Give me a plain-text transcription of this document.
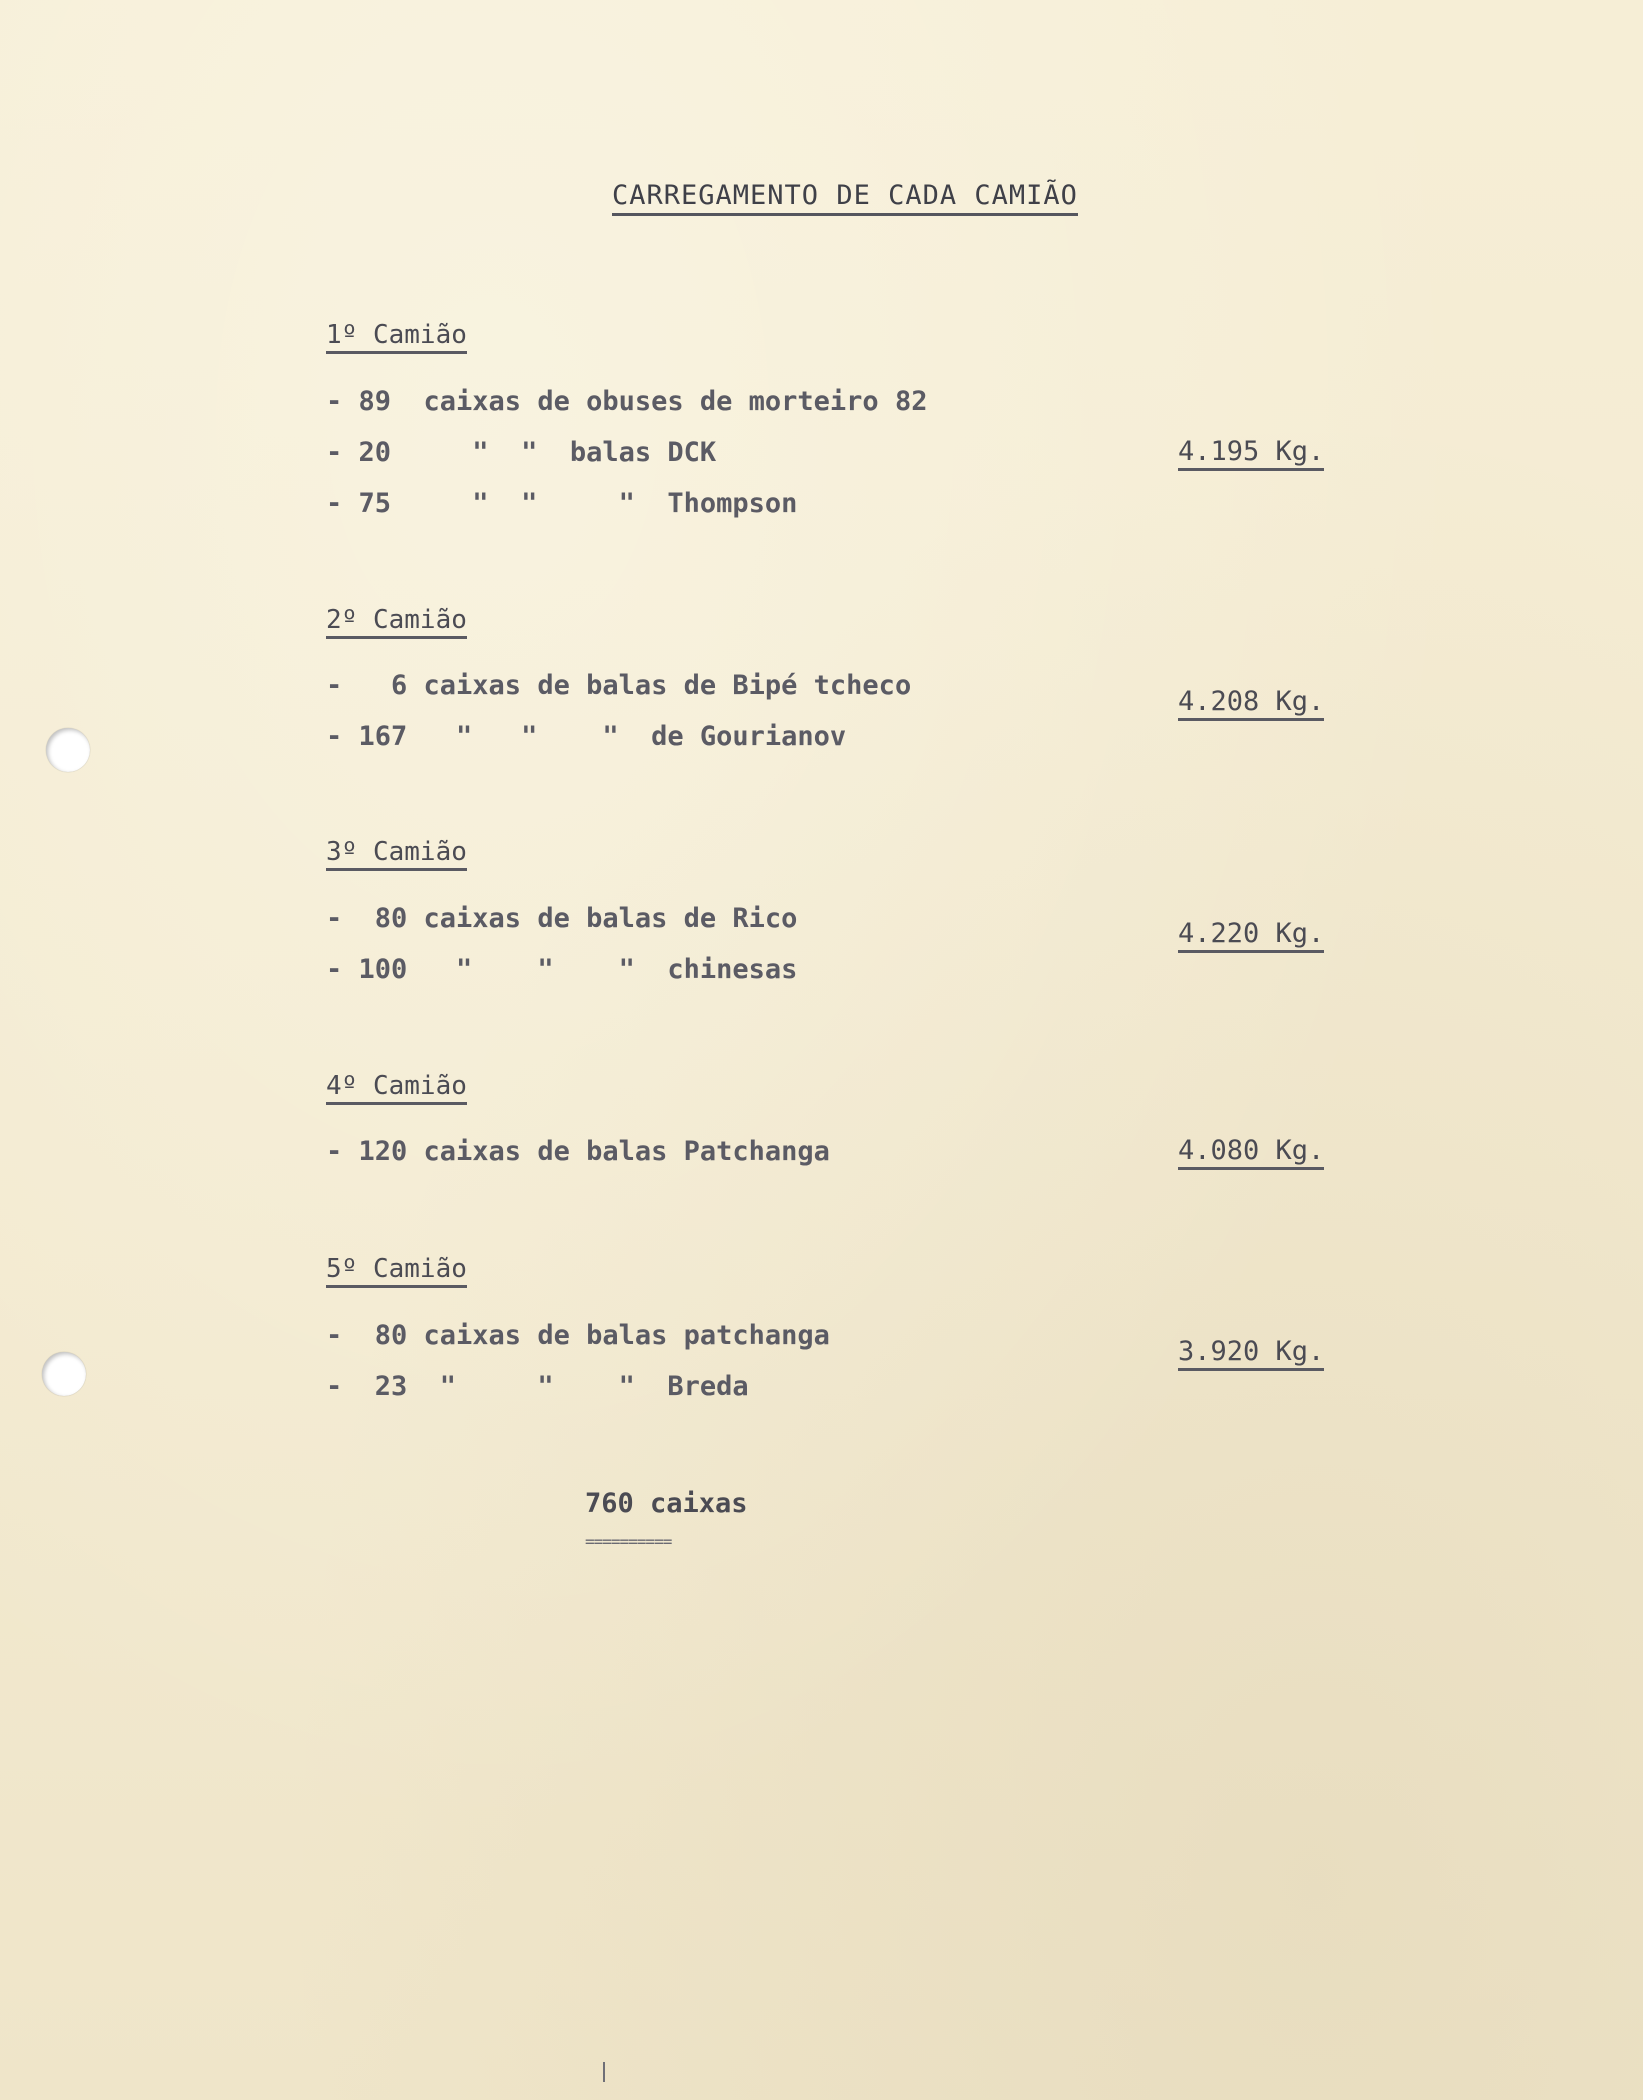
CARREGAMENTO DE CADA CAMIÃO
1º Camião
- 89  caixas de obuses de morteiro 82
- 20     "  "  balas DCK
- 75     "  "     "  Thompson
4.195 Kg.
2º Camião
-   6 caixas de balas de Bipé tcheco
- 167   "   "    "  de Gourianov
4.208 Kg.
3º Camião
-  80 caixas de balas de Rico
- 100   "    "    "  chinesas
4.220 Kg.
4º Camião
- 120 caixas de balas Patchanga	4.080 Kg.
5º Camião
-  80 caixas de balas patchanga
-  23  "     "    "  Breda
3.920 Kg.
760 caixas
==========
